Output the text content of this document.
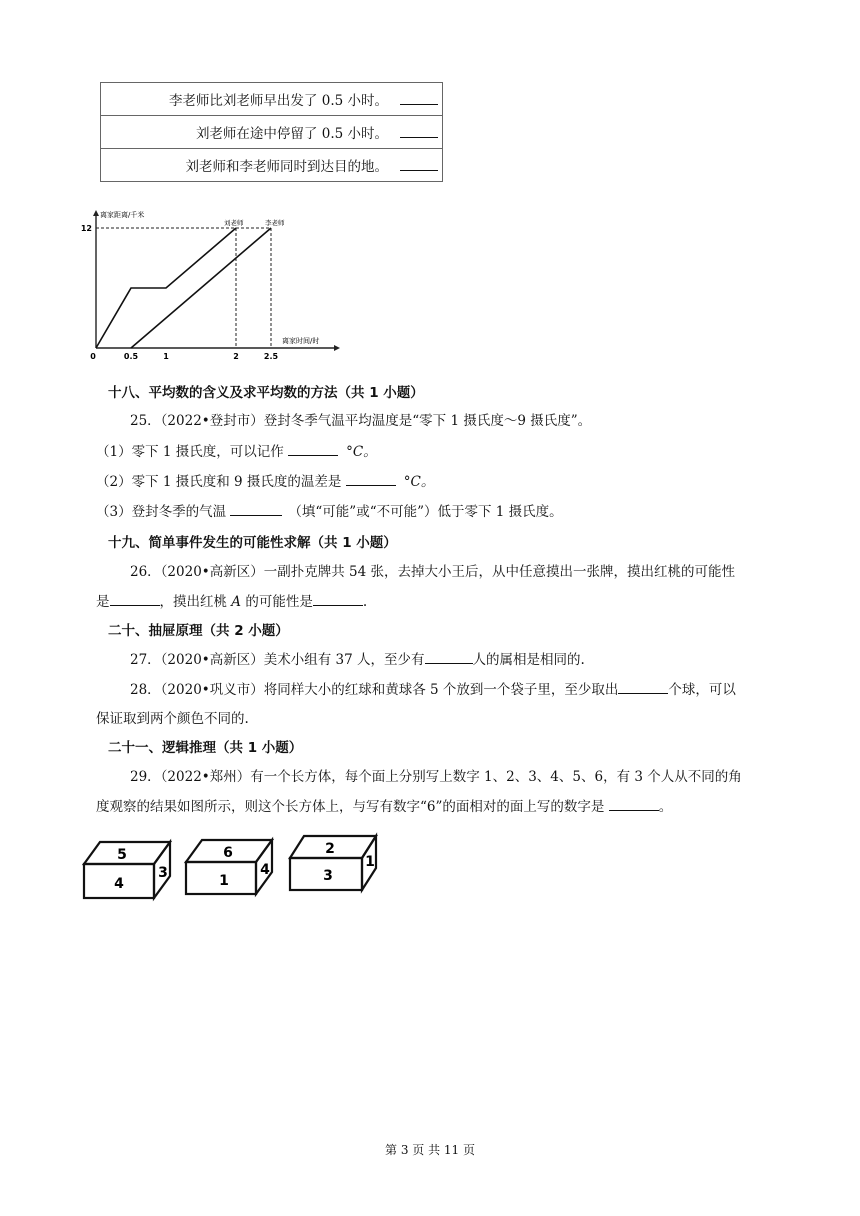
李老师比刘老师早出发了 0.5 小时。
刘老师在途中停留了 0.5 小时。
刘老师和李老师同时到达目的地。
离家距离/千米
离家时间/时
刘老师	李老师
0	0.5	1	2	2.5
12
十八、平均数的含义及求平均数的方法（共 1 小题）
25．（2022•登封市）登封冬季气温平均温度是“零下 1 摄氏度～9 摄氏度”。
（1）零下 1 摄氏度，可以记作	°C。
（2）零下 1 摄氏度和 9 摄氏度的温差是	°C。
（3）登封冬季的气温	（填“可能”或“不可能”）低于零下 1 摄氏度。
十九、简单事件发生的可能性求解（共 1 小题）
26．（2020•高新区）一副扑克牌共 54 张，去掉大小王后，从中任意摸出一张牌，摸出红桃的可能性
是	，摸出红桃 A 的可能性是	.
二十、抽屉原理（共 2 小题）
27．（2020•高新区）美术小组有 37 人，至少有	人的属相是相同的.
28．（2020•巩义市）将同样大小的红球和黄球各 5 个放到一个袋子里，至少取出	个球，可以
保证取到两个颜色不同的.
二十一、逻辑推理（共 1 小题）
29．（2022•郑州）有一个长方体，每个面上分别写上数字 1、2、3、4、5、6，有 3 个人从不同的角
度观察的结果如图所示，则这个长方体上，与写有数字“6”的面相对的面上写的数字是	。
5
4
3
6
1
4
2
3
1
第 3 页 共 11 页
